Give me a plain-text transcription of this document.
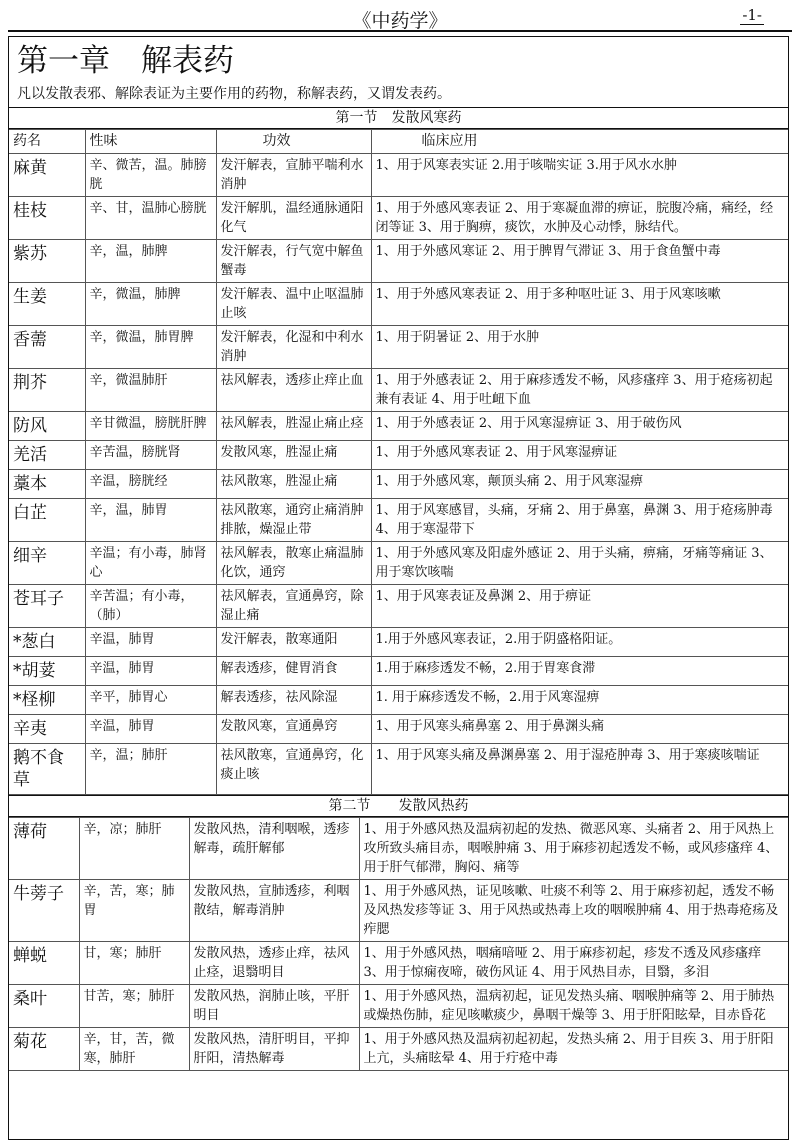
《中药学》	-1-
第一章　解表药
凡以发散表邪、解除表证为主要作用的药物，称解表药，又谓发表药。
第一节　发散风寒药
药名	性味	功效	临床应用
麻黄	辛、微苦，温。肺膀胱	发汗解表，宣肺平喘利水消肿	1、用于风寒表实证 2.用于咳喘实证 3.用于风水水肿
桂枝	辛、甘，温肺心膀胱	发汗解肌，温经通脉通阳化气	1、用于外感风寒表证 2、用于寒凝血滞的痹证，脘腹冷痛，痛经，经闭等证 3、用于胸痹，痰饮，水肿及心动悸，脉结代。
紫苏	辛，温，肺脾	发汗解表，行气宽中解鱼蟹毒	1、用于外感风寒证 2、用于脾胃气滞证 3、用于食鱼蟹中毒
生姜	辛，微温，肺脾	发汗解表、温中止呕温肺止咳	1、用于外感风寒表证 2、用于多种呕吐证 3、用于风寒咳嗽
香薷	辛，微温，肺胃脾	发汗解表，化湿和中利水消肿	1、用于阴暑证 2、用于水肿
荆芥	辛，微温肺肝	祛风解表，透疹止痒止血	1、用于外感表证 2、用于麻疹透发不畅，风疹瘙痒 3、用于疮疡初起兼有表证 4、用于吐衄下血
防风	辛甘微温，膀胱肝脾	祛风解表，胜湿止痛止痉	1、用于外感表证 2、用于风寒湿痹证 3、用于破伤风
羌活	辛苦温，膀胱肾	发散风寒，胜湿止痛	1、用于外感风寒表证 2、用于风寒湿痹证
藁本	辛温，膀胱经	祛风散寒，胜湿止痛	1、用于外感风寒，颠顶头痛 2、用于风寒湿痹
白芷	辛，温，肺胃	祛风散寒，通窍止痛消肿排脓，燥湿止带	1、用于风寒感冒，头痛，牙痛 2、用于鼻塞，鼻渊 3、用于疮疡肿毒 4、用于寒湿带下
细辛	辛温；有小毒，肺肾心	祛风解表，散寒止痛温肺化饮，通窍	1、用于外感风寒及阳虚外感证 2、用于头痛，痹痛，牙痛等痛证 3、用于寒饮咳喘
苍耳子	辛苦温；有小毒，（肺）	祛风解表，宣通鼻窍，除湿止痛	1、用于风寒表证及鼻渊 2、用于痹证
*葱白	辛温，肺胃	发汗解表，散寒通阳	1.用于外感风寒表证，2.用于阴盛格阳证。
*胡荽	辛温，肺胃	解表透疹，健胃消食	1.用于麻疹透发不畅，2.用于胃寒食滞
*柽柳	辛平，肺胃心	解表透疹，祛风除湿	1. 用于麻疹透发不畅，2.用于风寒湿痹
辛夷	辛温，肺胃	发散风寒，宣通鼻窍	1、用于风寒头痛鼻塞 2、用于鼻渊头痛
鹅不食草	辛，温；肺肝	祛风散寒，宣通鼻窍，化痰止咳	1、用于风寒头痛及鼻渊鼻塞 2、用于湿疮肿毒 3、用于寒痰咳喘证
第二节　　发散风热药
薄荷	辛，凉；肺肝	发散风热，清利咽喉，透疹解毒，疏肝解郁	1、用于外感风热及温病初起的发热、微恶风寒、头痛者 2、用于风热上攻所致头痛目赤，咽喉肿痛 3、用于麻疹初起透发不畅，或风疹瘙痒 4、用于肝气郁滞，胸闷、痛等
牛蒡子	辛，苦，寒；肺胃	发散风热，宣肺透疹，利咽散结，解毒消肿	1、用于外感风热，证见咳嗽、吐痰不利等 2、用于麻疹初起，透发不畅及风热发疹等证 3、用于风热或热毒上攻的咽喉肿痛 4、用于热毒疮疡及痄腮
蝉蜕	甘，寒；肺肝	发散风热，透疹止痒，祛风止痉，退翳明目	1、用于外感风热，咽痛喑哑 2、用于麻疹初起，疹发不透及风疹瘙痒 3、用于惊痫夜啼，破伤风证 4、用于风热目赤，目翳，多泪
桑叶	甘苦，寒；肺肝	发散风热，润肺止咳，平肝明目	1、用于外感风热，温病初起，证见发热头痛、咽喉肿痛等 2、用于肺热或燥热伤肺，症见咳嗽痰少，鼻咽干燥等 3、用于肝阳眩晕，目赤昏花
菊花	辛，甘，苦，微寒，肺肝	发散风热，清肝明目，平抑肝阳，清热解毒	1、用于外感风热及温病初起初起，发热头痛 2、用于目疾 3、用于肝阳上亢，头痛眩晕 4、用于疔疮中毒
